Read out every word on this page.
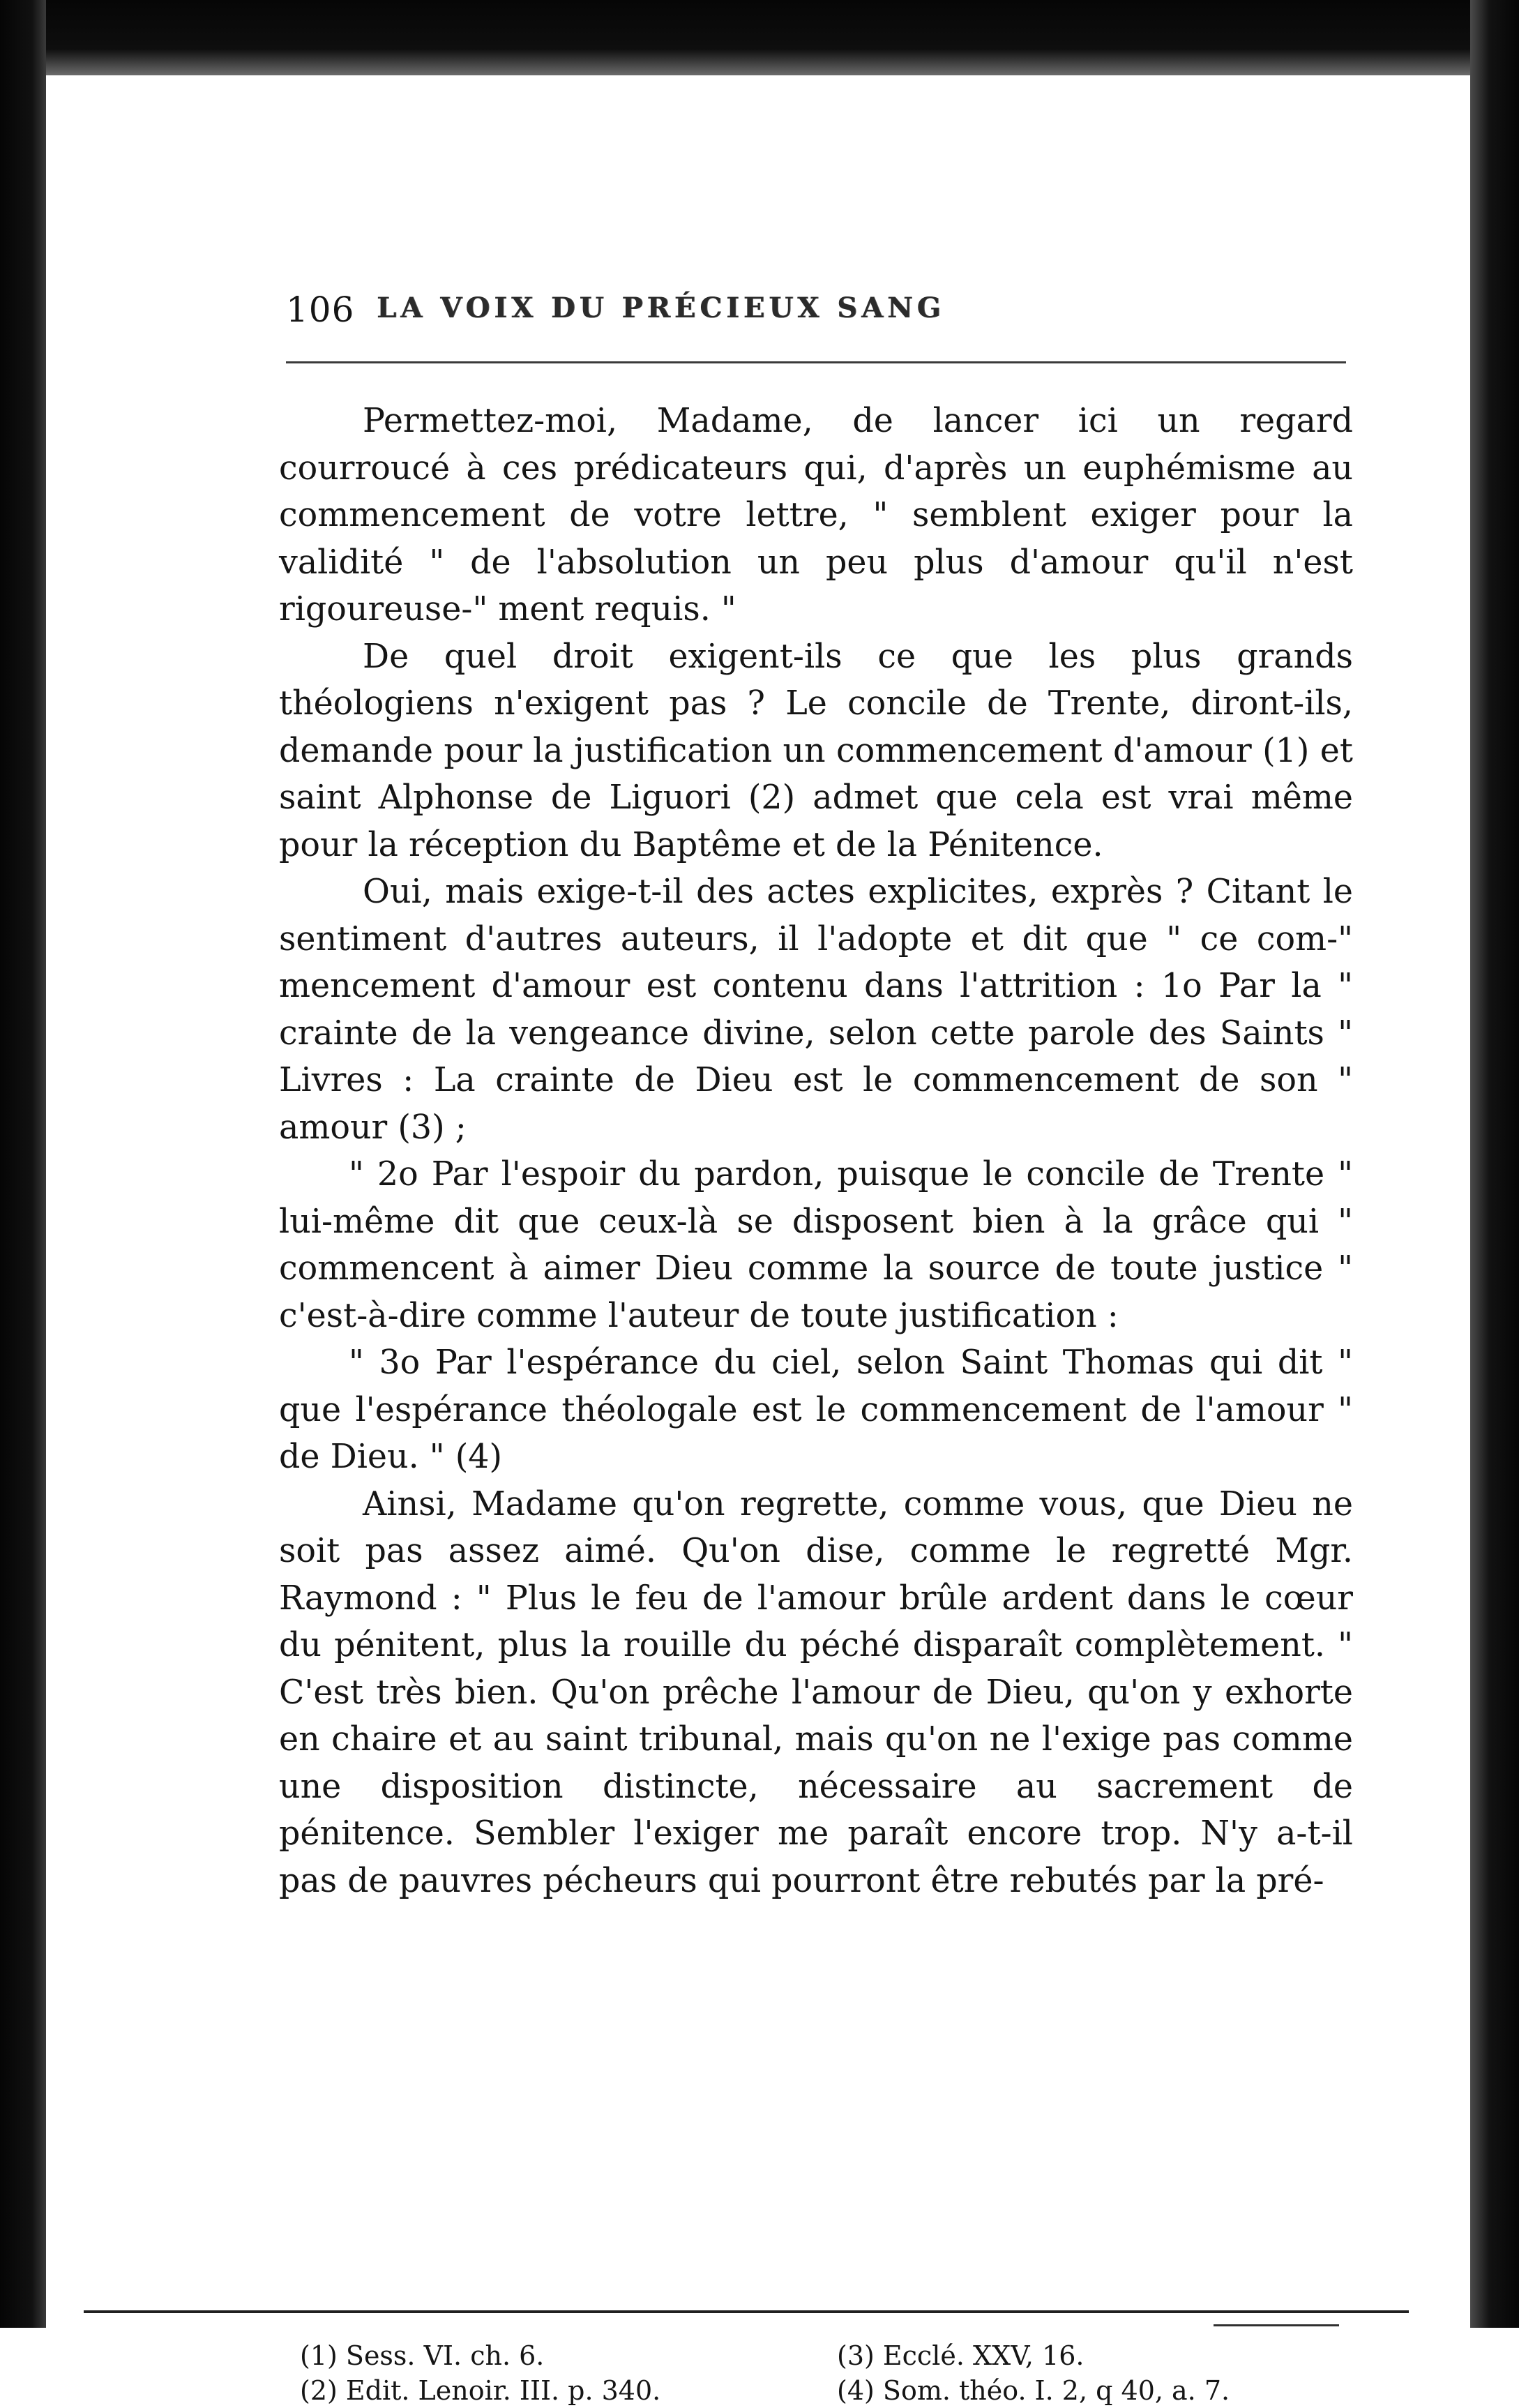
106 LA VOIX DU PRÉCIEUX SANG

Permettez-moi, Madame, de lancer ici un regard courroucé à ces prédicateurs qui, d'après un euphémisme au commencement de votre lettre, " semblent exiger pour la validité " de l'absolution un peu plus d'amour qu'il n'est rigoureuse-" ment requis. "

De quel droit exigent-ils ce que les plus grands théologiens n'exigent pas ? Le concile de Trente, diront-ils, demande pour la justification un commencement d'amour (1) et saint Alphonse de Liguori (2) admet que cela est vrai même pour la réception du Baptême et de la Pénitence.

Oui, mais exige-t-il des actes explicites, exprès ? Citant le sentiment d'autres auteurs, il l'adopte et dit que " ce com-" mencement d'amour est contenu dans l'attrition : 1o Par la " crainte de la vengeance divine, selon cette parole des Saints " Livres : La crainte de Dieu est le commencement de son " amour (3) ;

" 2o Par l'espoir du pardon, puisque le concile de Trente " lui-même dit que ceux-là se disposent bien à la grâce qui " commencent à aimer Dieu comme la source de toute justice " c'est-à-dire comme l'auteur de toute justification :

" 3o Par l'espérance du ciel, selon Saint Thomas qui dit " que l'espérance théologale est le commencement de l'amour " de Dieu. " (4)

Ainsi, Madame qu'on regrette, comme vous, que Dieu ne soit pas assez aimé. Qu'on dise, comme le regretté Mgr. Raymond : " Plus le feu de l'amour brûle ardent dans le cœur du pénitent, plus la rouille du péché disparaît complètement. " C'est très bien. Qu'on prêche l'amour de Dieu, qu'on y exhorte en chaire et au saint tribunal, mais qu'on ne l'exige pas comme une disposition distincte, nécessaire au sacrement de pénitence. Sembler l'exiger me paraît encore trop. N'y a-t-il pas de pauvres pécheurs qui pourront être rebutés par la pré-

(1) Sess. VI. ch. 6.	(3) Ecclé. XXV, 16.
(2) Edit. Lenoir. III. p. 340.	(4) Som. théo. I. 2, q 40, a. 7.
